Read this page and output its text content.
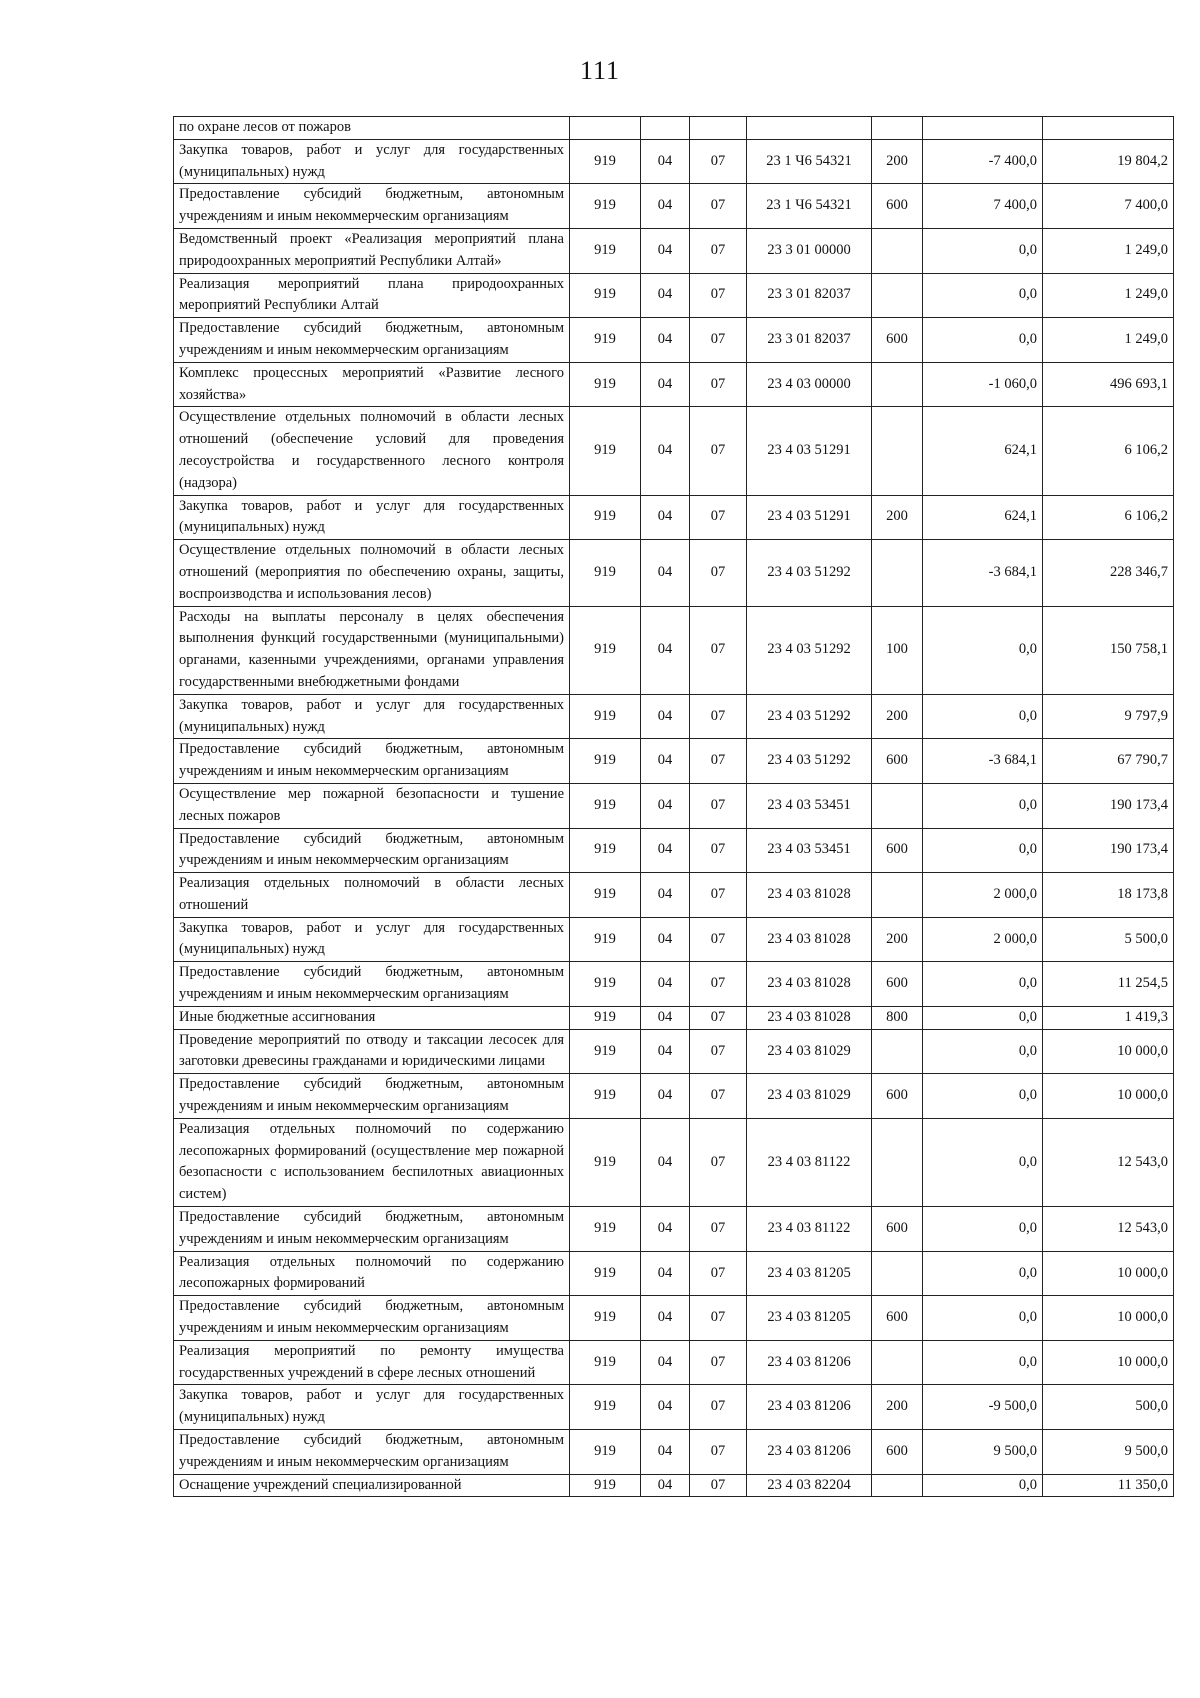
111
по охране лесов от пожаров							
Закупка товаров, работ и услуг для государственных (муниципальных) нужд	919	04	07	23 1 Ч6 54321	200	-7 400,0	19 804,2
Предоставление субсидий бюджетным, автономным учреждениям и иным некоммерческим организациям	919	04	07	23 1 Ч6 54321	600	7 400,0	7 400,0
Ведомственный проект «Реализация мероприятий плана природоохранных мероприятий Республики Алтай»	919	04	07	23 3 01 00000		0,0	1 249,0
Реализация мероприятий плана природоохранных мероприятий Республики Алтай	919	04	07	23 3 01 82037		0,0	1 249,0
Предоставление субсидий бюджетным, автономным учреждениям и иным некоммерческим организациям	919	04	07	23 3 01 82037	600	0,0	1 249,0
Комплекс процессных мероприятий «Развитие лесного хозяйства»	919	04	07	23 4 03 00000		-1 060,0	496 693,1
Осуществление отдельных полномочий в области лесных отношений (обеспечение условий для проведения лесоустройства и государственного лесного контроля (надзора)	919	04	07	23 4 03 51291		624,1	6 106,2
Закупка товаров, работ и услуг для государственных (муниципальных) нужд	919	04	07	23 4 03 51291	200	624,1	6 106,2
Осуществление отдельных полномочий в области лесных отношений (мероприятия по обеспечению охраны, защиты, воспроизводства и использования лесов)	919	04	07	23 4 03 51292		-3 684,1	228 346,7
Расходы на выплаты персоналу в целях обеспечения выполнения функций государственными (муниципальными) органами, казенными учреждениями, органами управления государственными внебюджетными фондами	919	04	07	23 4 03 51292	100	0,0	150 758,1
Закупка товаров, работ и услуг для государственных (муниципальных) нужд	919	04	07	23 4 03 51292	200	0,0	9 797,9
Предоставление субсидий бюджетным, автономным учреждениям и иным некоммерческим организациям	919	04	07	23 4 03 51292	600	-3 684,1	67 790,7
Осуществление мер пожарной безопасности и тушение лесных пожаров	919	04	07	23 4 03 53451		0,0	190 173,4
Предоставление субсидий бюджетным, автономным учреждениям и иным некоммерческим организациям	919	04	07	23 4 03 53451	600	0,0	190 173,4
Реализация отдельных полномочий в области лесных отношений	919	04	07	23 4 03 81028		2 000,0	18 173,8
Закупка товаров, работ и услуг для государственных (муниципальных) нужд	919	04	07	23 4 03 81028	200	2 000,0	5 500,0
Предоставление субсидий бюджетным, автономным учреждениям и иным некоммерческим организациям	919	04	07	23 4 03 81028	600	0,0	11 254,5
Иные бюджетные ассигнования	919	04	07	23 4 03 81028	800	0,0	1 419,3
Проведение мероприятий по отводу и таксации лесосек для заготовки древесины гражданами и юридическими лицами	919	04	07	23 4 03 81029		0,0	10 000,0
Предоставление субсидий бюджетным, автономным учреждениям и иным некоммерческим организациям	919	04	07	23 4 03 81029	600	0,0	10 000,0
Реализация отдельных полномочий по содержанию лесопожарных формирований (осуществление мер пожарной безопасности с использованием беспилотных авиационных систем)	919	04	07	23 4 03 81122		0,0	12 543,0
Предоставление субсидий бюджетным, автономным учреждениям и иным некоммерческим организациям	919	04	07	23 4 03 81122	600	0,0	12 543,0
Реализация отдельных полномочий по содержанию лесопожарных формирований	919	04	07	23 4 03 81205		0,0	10 000,0
Предоставление субсидий бюджетным, автономным учреждениям и иным некоммерческим организациям	919	04	07	23 4 03 81205	600	0,0	10 000,0
Реализация мероприятий по ремонту имущества государственных учреждений в сфере лесных отношений	919	04	07	23 4 03 81206		0,0	10 000,0
Закупка товаров, работ и услуг для государственных (муниципальных) нужд	919	04	07	23 4 03 81206	200	-9 500,0	500,0
Предоставление субсидий бюджетным, автономным учреждениям и иным некоммерческим организациям	919	04	07	23 4 03 81206	600	9 500,0	9 500,0
Оснащение учреждений специализированной	919	04	07	23 4 03 82204		0,0	11 350,0
